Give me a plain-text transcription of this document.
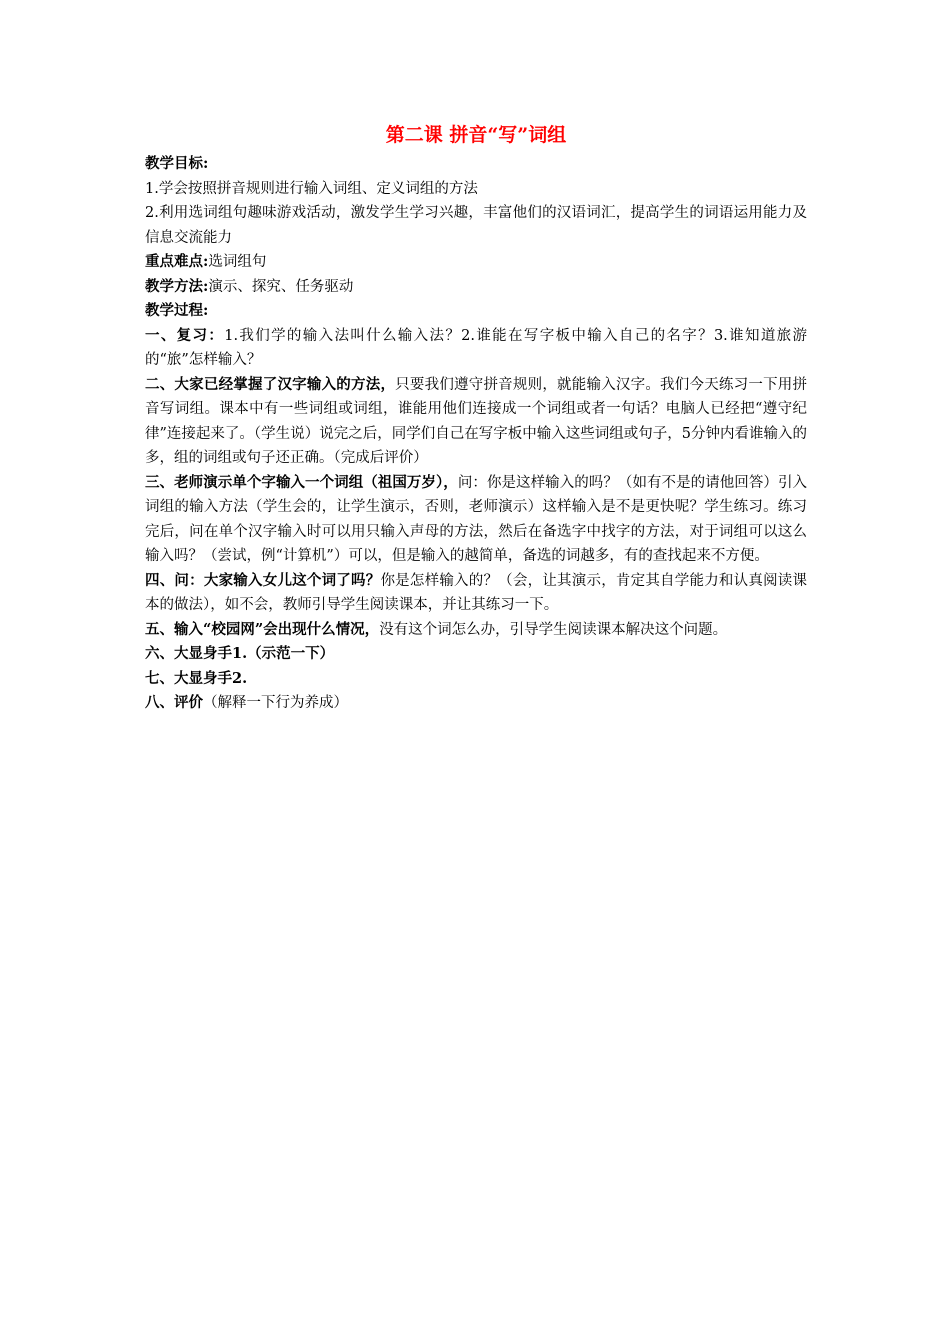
第二课 拼音“写”词组

教学目标:

1.学会按照拼音规则进行输入词组、定义词组的方法

2.利用选词组句趣味游戏活动，激发学生学习兴趣，丰富他们的汉语词汇，提高学生的词语运用能力及信息交流能力

重点难点:选词组句

教学方法:演示、探究、任务驱动

教学过程:

一、复习：1.我们学的输入法叫什么输入法？2.谁能在写字板中输入自己的名字？3.谁知道旅游的“旅”怎样输入？

二、大家已经掌握了汉字输入的方法，只要我们遵守拼音规则，就能输入汉字。我们今天练习一下用拼音写词组。课本中有一些词组或词组，谁能用他们连接成一个词组或者一句话？电脑人已经把“遵守纪律”连接起来了。（学生说）说完之后，同学们自己在写字板中输入这些词组或句子，5分钟内看谁输入的多，组的词组或句子还正确。（完成后评价）

三、老师演示单个字输入一个词组（祖国万岁），问：你是这样输入的吗？（如有不是的请他回答）引入词组的输入方法（学生会的，让学生演示，否则，老师演示）这样输入是不是更快呢？学生练习。练习完后，问在单个汉字输入时可以用只输入声母的方法，然后在备选字中找字的方法，对于词组可以这么输入吗？（尝试，例“计算机”）可以，但是输入的越简单，备选的词越多，有的查找起来不方便。

四、问：大家输入女儿这个词了吗？你是怎样输入的？（会，让其演示，肯定其自学能力和认真阅读课本的做法），如不会，教师引导学生阅读课本，并让其练习一下。

五、输入“校园网”会出现什么情况，没有这个词怎么办，引导学生阅读课本解决这个问题。

六、大显身手1.（示范一下）

七、大显身手2.

八、评价（解释一下行为养成）
